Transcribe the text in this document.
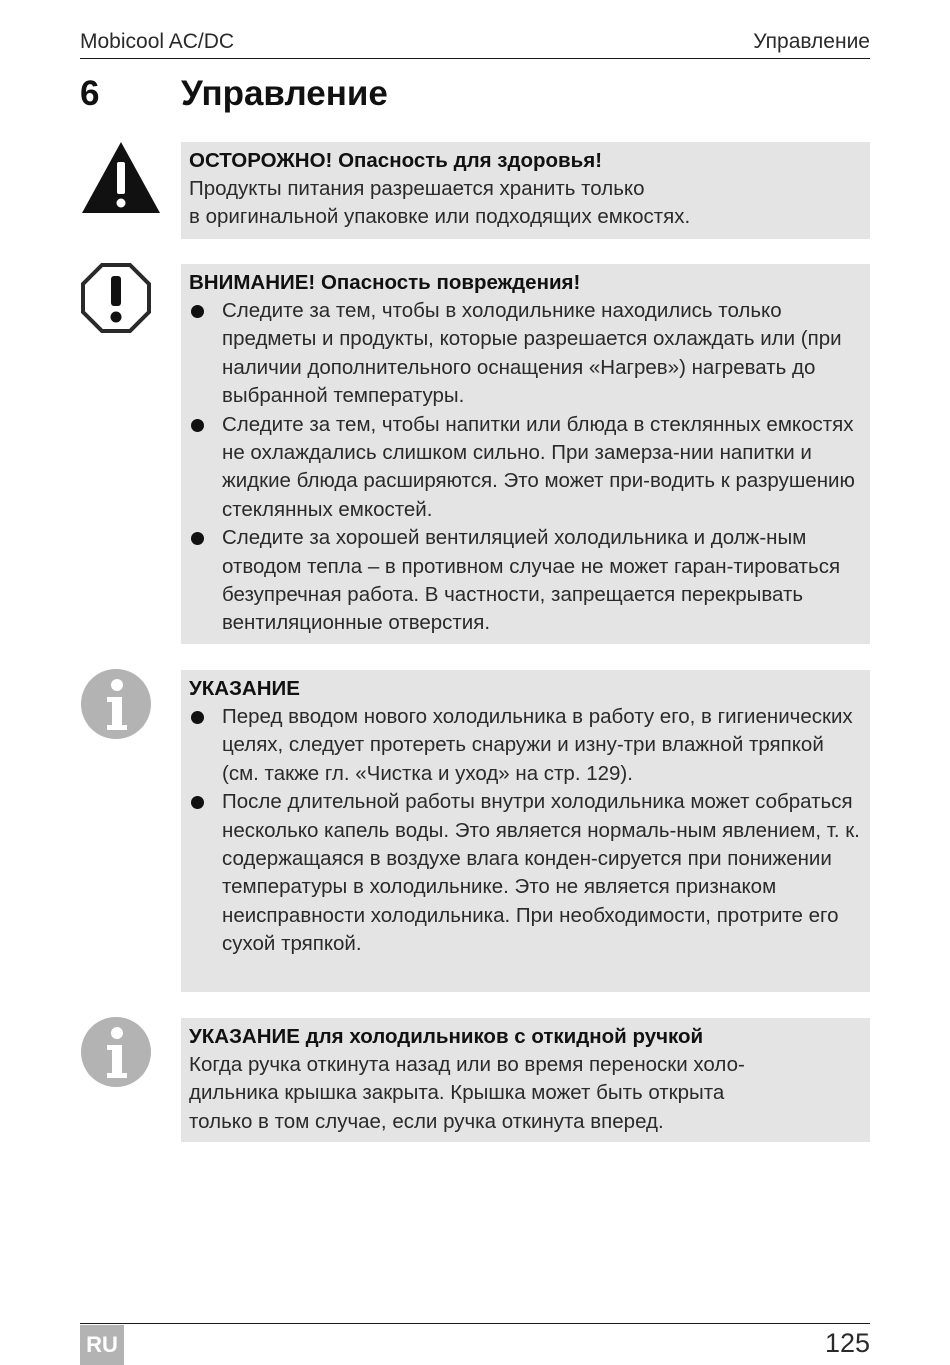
Mobicool AC/DC	Управление
6 Управление
ОСТОРОЖНО! Опасность для здоровья!
Продукты питания разрешается хранить только
в оригинальной упаковке или подходящих емкостях.
ВНИМАНИЕ! Опасность повреждения!
Следите за тем, чтобы в холодильнике находились только предметы и продукты, которые разрешается охлаждать или (при наличии дополнительного оснащения «Нагрев») нагревать до выбранной температуры.
Следите за тем, чтобы напитки или блюда в стеклянных емкостях не охлаждались слишком сильно. При замерза-нии напитки и жидкие блюда расширяются. Это может при-водить к разрушению стеклянных емкостей.
Следите за хорошей вентиляцией холодильника и долж-ным отводом тепла – в противном случае не может гаран-тироваться безупречная работа. В частности, запрещается перекрывать вентиляционные отверстия.
УКАЗАНИЕ
Перед вводом нового холодильника в работу его, в гигиенических целях, следует протереть снаружи и изну-три влажной тряпкой (см. также гл. «Чистка и уход» на стр. 129).
После длительной работы внутри холодильника может собраться несколько капель воды. Это является нормаль-ным явлением, т. к. содержащаяся в воздухе влага конден-сируется при понижении температуры в холодильнике. Это не является признаком неисправности холодильника. При необходимости, протрите его сухой тряпкой.
УКАЗАНИЕ для холодильников с откидной ручкой
Когда ручка откинута назад или во время переноски холо-
дильника крышка закрыта. Крышка может быть открыта
только в том случае, если ручка откинута вперед.
RU	125
